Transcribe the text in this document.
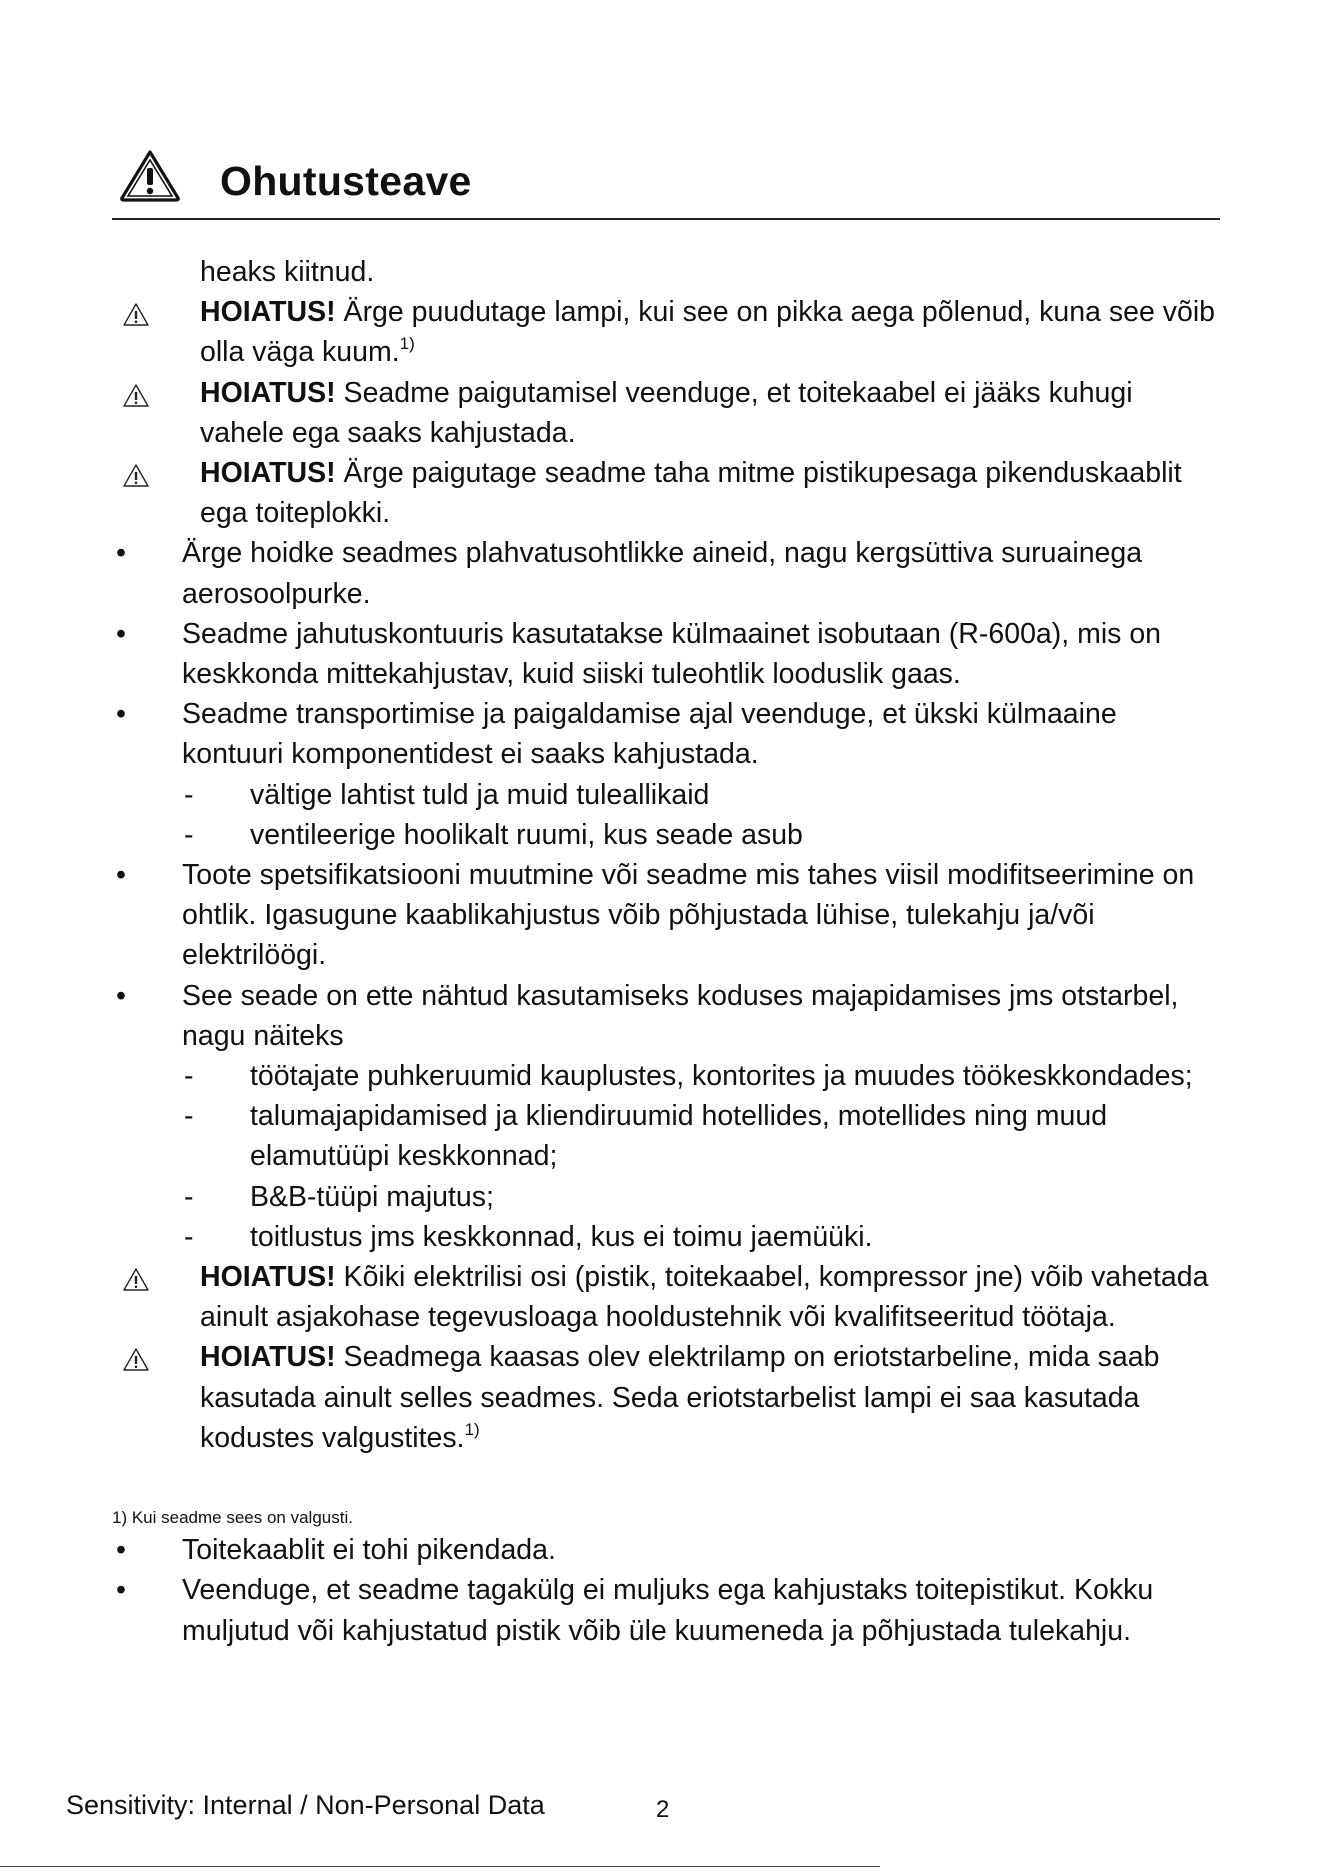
Ohutusteave
heaks kiitnud.
HOIATUS! Ärge puudutage lampi, kui see on pikka aega põlenud, kuna see võib olla väga kuum.$^{1)}$
HOIATUS! Seadme paigutamisel veenduge, et toitekaabel ei jääks kuhugi vahele ega saaks kahjustada.
HOIATUS! Ärge paigutage seadme taha mitme pistikupesaga pikenduskaablit ega toiteplokki.
• Ärge hoidke seadmes plahvatusohtlikke aineid, nagu kergsüttiva suruainega aerosoolpurke.
• Seadme jahutuskontuuris kasutatakse külmaainet isobutaan (R-600a), mis on keskkonda mittekahjustav, kuid siiski tuleohtlik looduslik gaas.
• Seadme transportimise ja paigaldamise ajal veenduge, et ükski külmaaine kontuuri komponentidest ei saaks kahjustada.
- vältige lahtist tuld ja muid tuleallikaid
- ventileerige hoolikalt ruumi, kus seade asub
• Toote spetsifikatsiooni muutmine või seadme mis tahes viisil modifitseerimine on ohtlik. Igasugune kaablikahjustus võib põhjustada lühise, tulekahju ja/või elektrilöögi.
• See seade on ette nähtud kasutamiseks koduses majapidamises jms otstarbel, nagu näiteks
- töötajate puhkeruumid kauplustes, kontorites ja muudes töökeskkondades;
- talumajapidamised ja kliendiruumid hotellides, motellides ning muud elamutüüpi keskkonnad;
- B&B-tüüpi majutus;
- toitlustus jms keskkonnad, kus ei toimu jaemüüki.
HOIATUS! Kõiki elektrilisi osi (pistik, toitekaabel, kompressor jne) võib vahetada ainult asjakohase tegevusloaga hooldustehnik või kvalifitseeritud töötaja.
HOIATUS! Seadmega kaasas olev elektrilamp on eriotstarbeline, mida saab kasutada ainult selles seadmes. Seda eriotstarbelist lampi ei saa kasutada kodustes valgustites.$^{1)}$
1) Kui seadme sees on valgusti.
• Toitekaablit ei tohi pikendada.
• Veenduge, et seadme tagakülg ei muljuks ega kahjustaks toitepistikut. Kokku muljutud või kahjustatud pistik võib üle kuumeneda ja põhjustada tulekahju.
Sensitivity: Internal / Non-Personal Data	2
